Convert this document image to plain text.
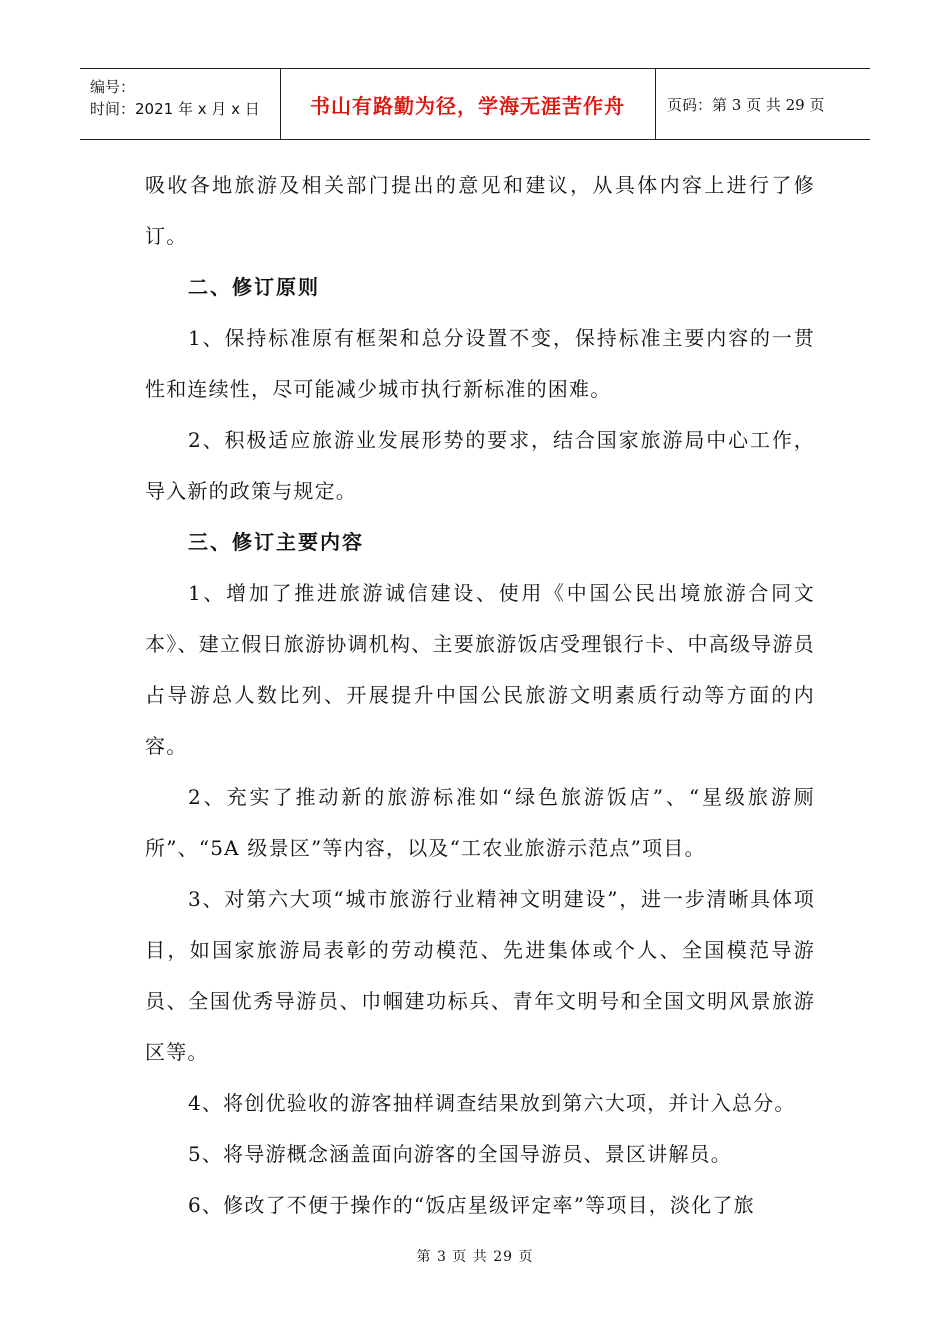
编号：
时间：2021 年 x 月 x 日	书山有路勤为径，学海无涯苦作舟	页码：第 3 页 共 29 页

吸收各地旅游及相关部门提出的意见和建议，从具体内容上进行了修订。

二、修订原则

1、保持标准原有框架和总分设置不变，保持标准主要内容的一贯性和连续性，尽可能减少城市执行新标准的困难。

2、积极适应旅游业发展形势的要求，结合国家旅游局中心工作，导入新的政策与规定。

三、修订主要内容

1、增加了推进旅游诚信建设、使用《中国公民出境旅游合同文本》、建立假日旅游协调机构、主要旅游饭店受理银行卡、中高级导游员占导游总人数比列、开展提升中国公民旅游文明素质行动等方面的内容。

2、充实了推动新的旅游标准如“绿色旅游饭店”、“星级旅游厕所”、“5A 级景区”等内容，以及“工农业旅游示范点”项目。

3、对第六大项“城市旅游行业精神文明建设”，进一步清晰具体项目，如国家旅游局表彰的劳动模范、先进集体或个人、全国模范导游员、全国优秀导游员、巾帼建功标兵、青年文明号和全国文明风景旅游区等。

4、将创优验收的游客抽样调查结果放到第六大项，并计入总分。

5、将导游概念涵盖面向游客的全国导游员、景区讲解员。

6、修改了不便于操作的“饭店星级评定率”等项目，淡化了旅

第 3 页 共 29 页
